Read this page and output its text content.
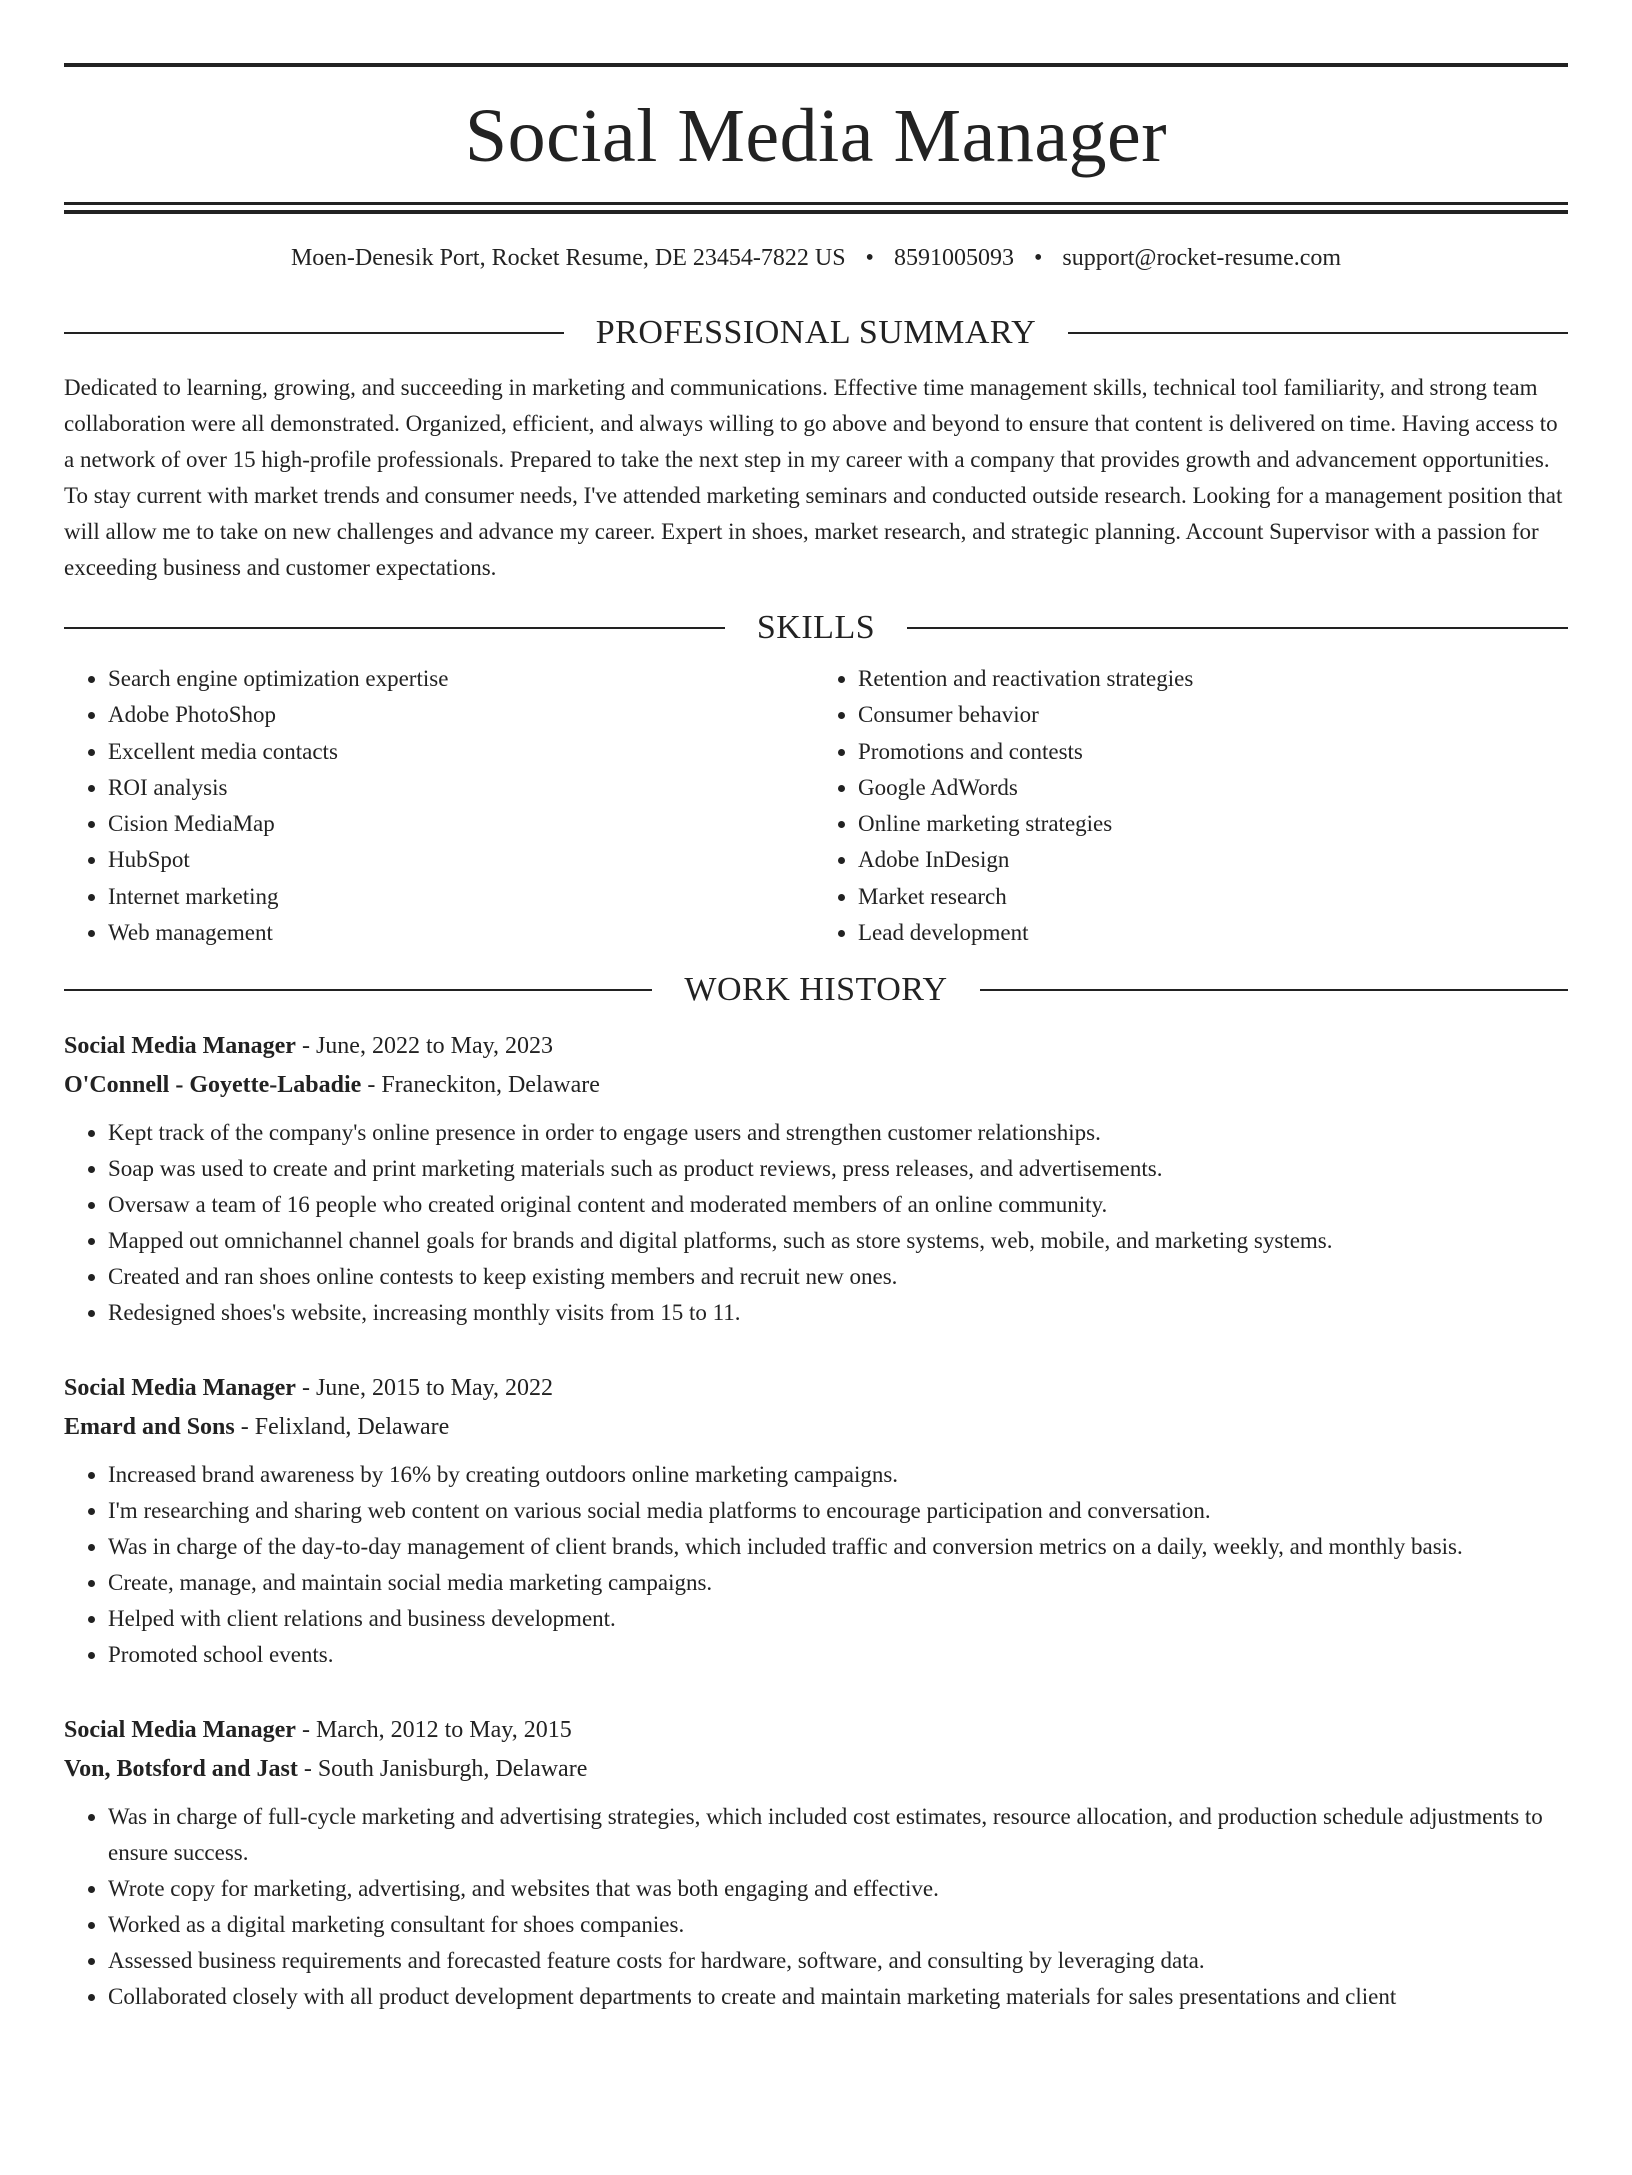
Social Media Manager
Moen-Denesik Port, Rocket Resume, DE 23454-7822 US • 8591005093 • support@rocket-resume.com
PROFESSIONAL SUMMARY

Dedicated to learning, growing, and succeeding in marketing and communications. Effective time management skills, technical tool familiarity, and strong team collaboration were all demonstrated. Organized, efficient, and always willing to go above and beyond to ensure that content is delivered on time. Having access to a network of over 15 high-profile professionals. Prepared to take the next step in my career with a company that provides growth and advancement opportunities. To stay current with market trends and consumer needs, I've attended marketing seminars and conducted outside research. Looking for a management position that will allow me to take on new challenges and advance my career. Expert in shoes, market research, and strategic planning. Account Supervisor with a passion for exceeding business and customer expectations.

SKILLS
• Search engine optimization expertise
• Adobe PhotoShop
• Excellent media contacts
• ROI analysis
• Cision MediaMap
• HubSpot
• Internet marketing
• Web management
• Retention and reactivation strategies
• Consumer behavior
• Promotions and contests
• Google AdWords
• Online marketing strategies
• Adobe InDesign
• Market research
• Lead development
WORK HISTORY
Social Media Manager - June, 2022 to May, 2023
O'Connell - Goyette-Labadie - Franeckiton, Delaware
• Kept track of the company's online presence in order to engage users and strengthen customer relationships.
• Soap was used to create and print marketing materials such as product reviews, press releases, and advertisements.
• Oversaw a team of 16 people who created original content and moderated members of an online community.
• Mapped out omnichannel channel goals for brands and digital platforms, such as store systems, web, mobile, and marketing systems.
• Created and ran shoes online contests to keep existing members and recruit new ones.
• Redesigned shoes's website, increasing monthly visits from 15 to 11.
Social Media Manager - June, 2015 to May, 2022
Emard and Sons - Felixland, Delaware
• Increased brand awareness by 16% by creating outdoors online marketing campaigns.
• I'm researching and sharing web content on various social media platforms to encourage participation and conversation.
• Was in charge of the day-to-day management of client brands, which included traffic and conversion metrics on a daily, weekly, and monthly basis.
• Create, manage, and maintain social media marketing campaigns.
• Helped with client relations and business development.
• Promoted school events.
Social Media Manager - March, 2012 to May, 2015
Von, Botsford and Jast - South Janisburgh, Delaware
• Was in charge of full-cycle marketing and advertising strategies, which included cost estimates, resource allocation, and production schedule adjustments to ensure success.
• Wrote copy for marketing, advertising, and websites that was both engaging and effective.
• Worked as a digital marketing consultant for shoes companies.
• Assessed business requirements and forecasted feature costs for hardware, software, and consulting by leveraging data.
• Collaborated closely with all product development departments to create and maintain marketing materials for sales presentations and client
